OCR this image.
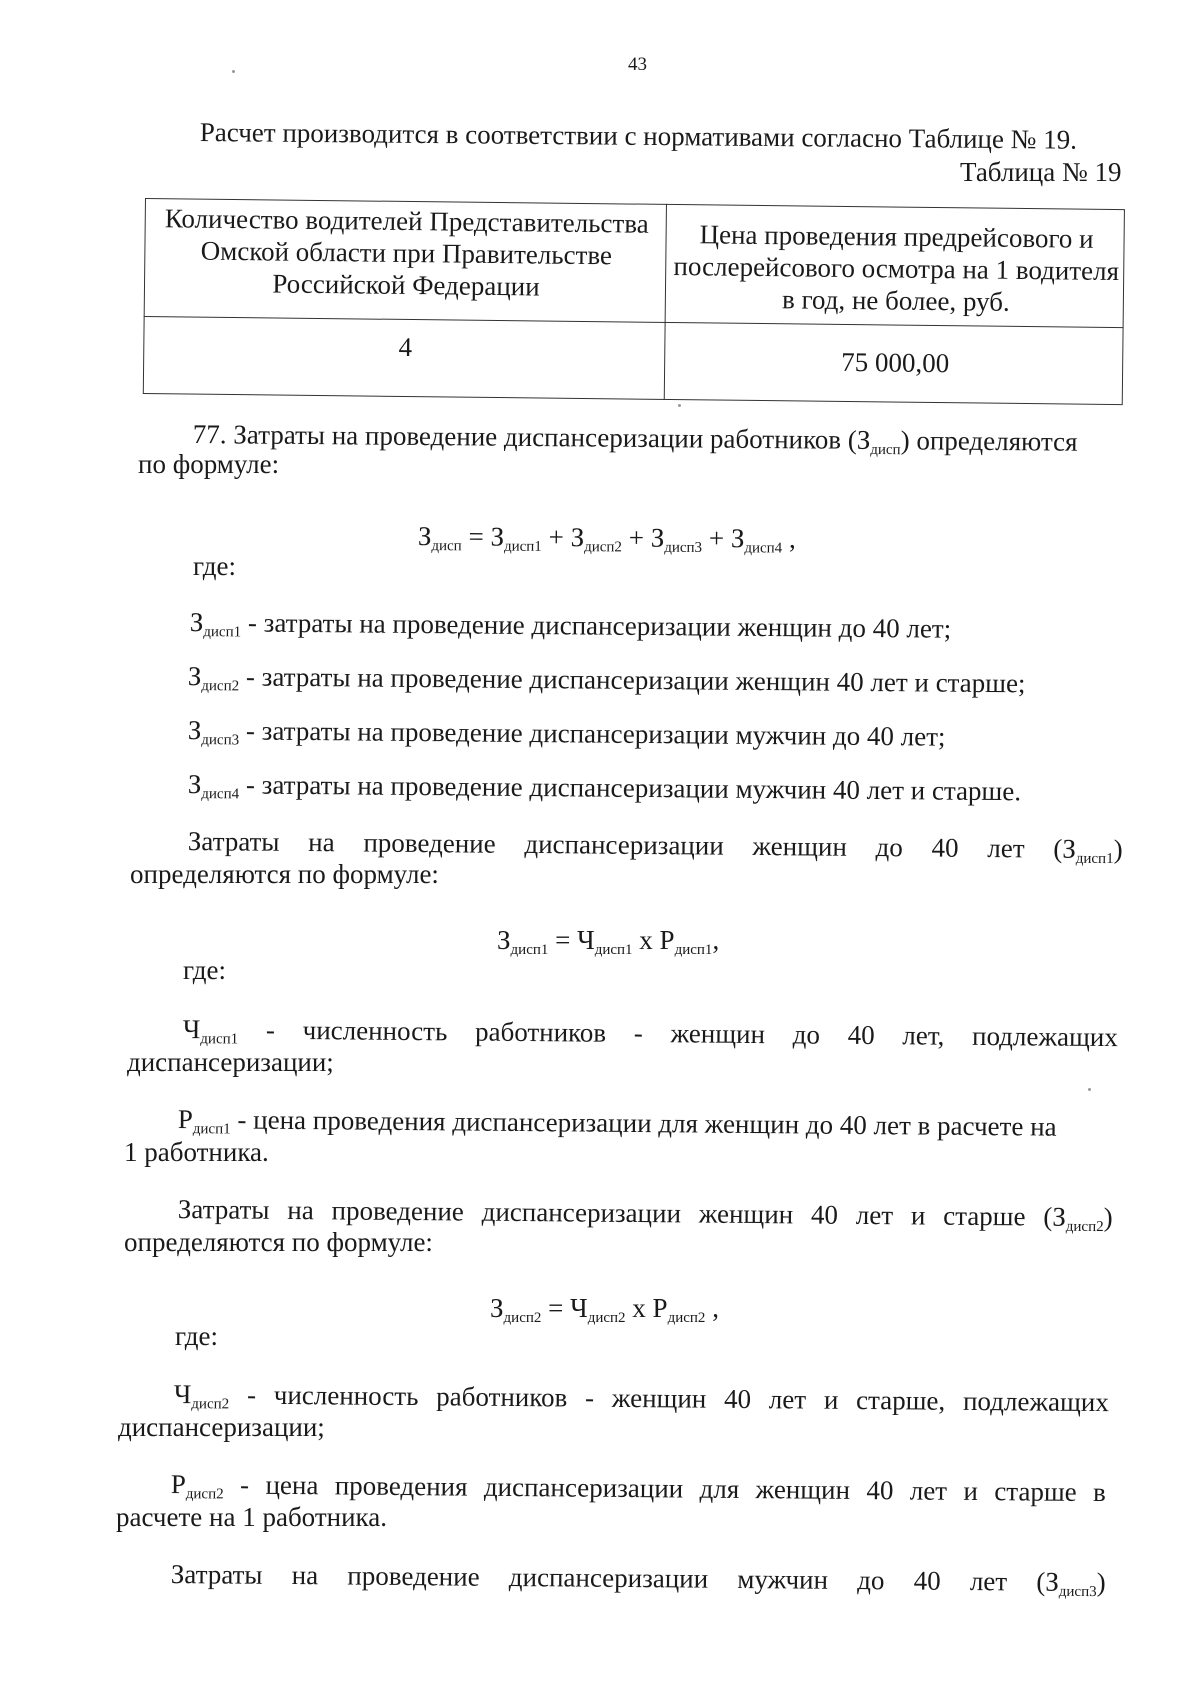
43
Расчет производится в соответствии с нормативами согласно Таблице № 19.
Таблица № 19
Количество водителей Представительства Омской области при Правительстве Российской Федерации
Цена проведения предрейсового и послерейсового осмотра на 1 водителя в год, не более, руб.
4	75 000,00
77. Затраты на проведение диспансеризации работников $(З_{дисп})$ определяются
по формуле:
$З_{дисп} = З_{дисп1} + З_{дисп2} + З_{дисп3} + З_{дисп4}$ ,
где:
$З_{дисп1}$ - затраты на проведение диспансеризации женщин до 40 лет;
$З_{дисп2}$ - затраты на проведение диспансеризации женщин 40 лет и старше;
$З_{дисп3}$ - затраты на проведение диспансеризации мужчин до 40 лет;
$З_{дисп4}$ - затраты на проведение диспансеризации мужчин 40 лет и старше.
Затраты на проведение диспансеризации женщин до 40 лет $(З_{дисп1})$
определяются по формуле:
$З_{дисп1} = Ч_{дисп1}$ х $Р_{дисп1}$,
где:
$Ч_{дисп1}$ - численность работников - женщин до 40 лет, подлежащих
диспансеризации;
$Р_{дисп1}$ - цена проведения диспансеризации для женщин до 40 лет в расчете на
1 работника.
Затраты на проведение диспансеризации женщин 40 лет и старше $(З_{дисп2})$
определяются по формуле:
$З_{дисп2} = Ч_{дисп2}$ х $Р_{дисп2}$ ,
где:
$Ч_{дисп2}$ - численность работников - женщин 40 лет и старше, подлежащих
диспансеризации;
$Р_{дисп2}$ - цена проведения диспансеризации для женщин 40 лет и старше в
расчете на 1 работника.
Затраты на проведение диспансеризации мужчин до 40 лет $(З_{дисп3})$
